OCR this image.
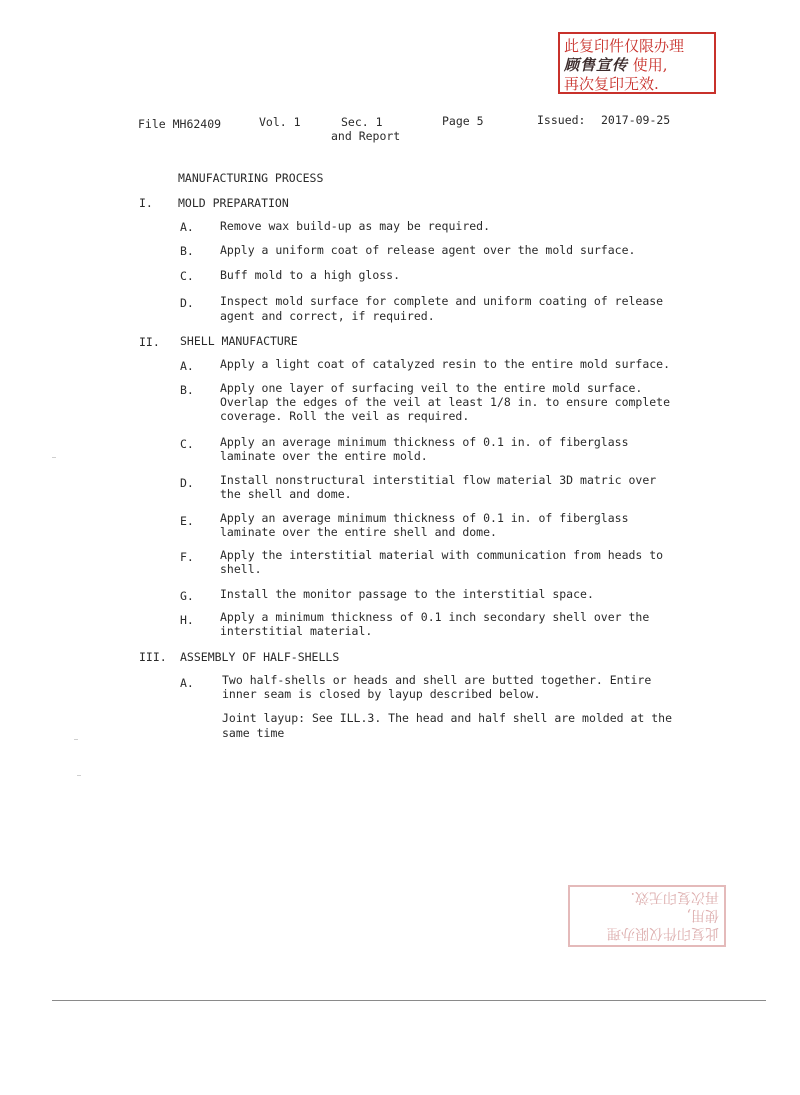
此复印件仅限办理
顾售宣传 使用,
再次复印无效.
File MH62409	Vol. 1	Sec. 1
and Report
Page 5	Issued: 2017-09-25
MANUFACTURING PROCESS
I. MOLD PREPARATION
A. Remove wax build-up as may be required.
B. Apply a uniform coat of release agent over the mold surface.
C. Buff mold to a high gloss.
D. Inspect mold surface for complete and uniform coating of release
agent and correct, if required.
II. SHELL MANUFACTURE
A. Apply a light coat of catalyzed resin to the entire mold surface.
B. Apply one layer of surfacing veil to the entire mold surface.
Overlap the edges of the veil at least 1/8 in. to ensure complete
coverage. Roll the veil as required.
C. Apply an average minimum thickness of 0.1 in. of fiberglass
laminate over the entire mold.
D. Install nonstructural interstitial flow material 3D matric over
the shell and dome.
E. Apply an average minimum thickness of 0.1 in. of fiberglass
laminate over the entire shell and dome.
F. Apply the interstitial material with communication from heads to
shell.
G. Install the monitor passage to the interstitial space.
H. Apply a minimum thickness of 0.1 inch secondary shell over the
interstitial material.
III. ASSEMBLY OF HALF-SHELLS
A. Two half-shells or heads and shell are butted together. Entire
inner seam is closed by layup described below.
Joint layup: See ILL.3. The head and half shell are molded at the
same time
此复印件仅限办理
使用,
再次复印无效.
